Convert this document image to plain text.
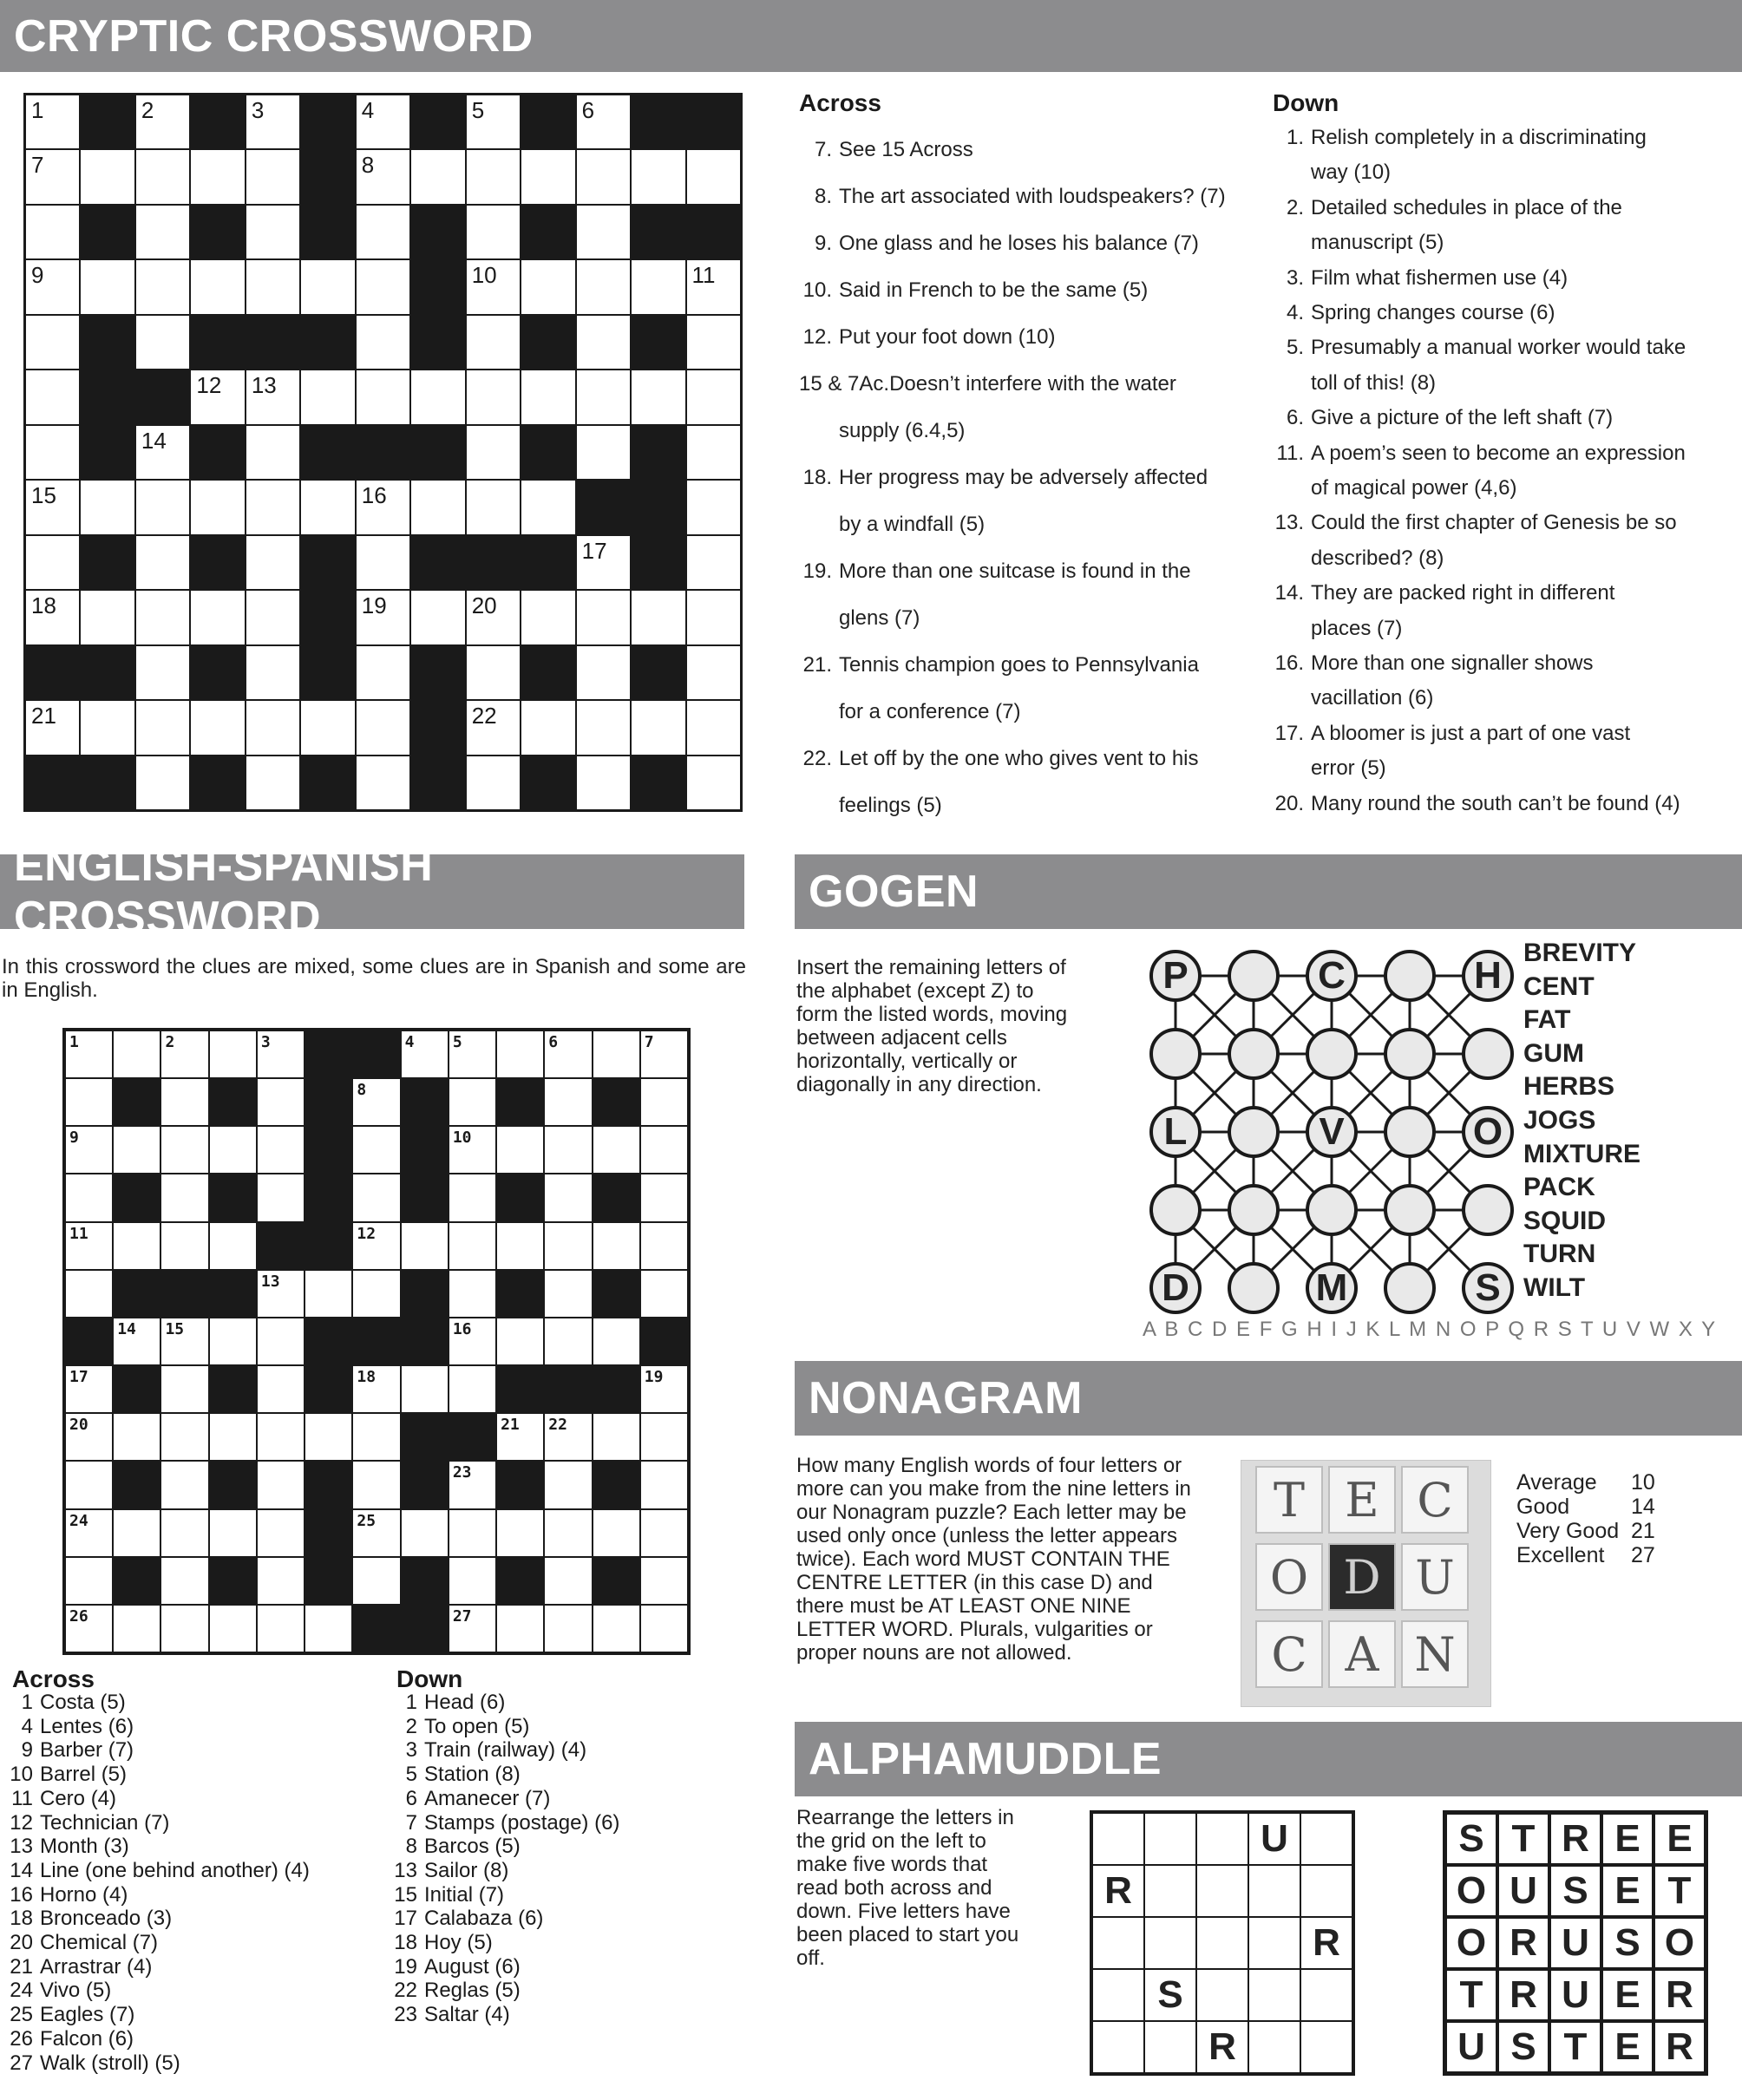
CRYPTIC CROSSWORD
ENGLISH-SPANISH CROSSWORD
GOGEN
NONAGRAM
ALPHAMUDDLE
1	2	3	4	5	6
7	8
9	10	11
12 13
14
15	16
17
18	19	20
21	22
Across	Down
7. See 15 Across
8. The art associated with loudspeakers? (7)
9. One glass and he loses his balance (7)
10. Said in French to be the same (5)
12. Put your foot down (10)
15 & 7Ac.Doesn’t interfere with the water
supply (6.4,5)
18. Her progress may be adversely affected
by a windfall (5)
19. More than one suitcase is found in the
glens (7)
21. Tennis champion goes to Pennsylvania
for a conference (7)
22. Let off by the one who gives vent to his
feelings (5)
1. Relish completely in a discriminating
way (10)
2. Detailed schedules in place of the
manuscript (5)
3. Film what fishermen use (4)
4. Spring changes course (6)
5. Presumably a manual worker would take
toll of this! (8)
6. Give a picture of the left shaft (7)
11. A poem’s seen to become an expression
of magical power (4,6)
13. Could the first chapter of Genesis be so
described? (8)
14. They are packed right in different
places (7)
16. More than one signaller shows
vacillation (6)
17. A bloomer is just a part of one vast
error (5)
20. Many round the south can’t be found (4)
In this crossword the clues are mixed, some clues are in Spanish and some are in English.
1	2	3	4 5	6	7
8
9	10
11	12
13
14 15	16
17	18	19
20	21 22
23
24	25
26	27
Across	Down
1 Costa (5)
4 Lentes (6)
9 Barber (7)
10 Barrel (5)
11 Cero (4)
12 Technician (7)
13 Month (3)
14 Line (one behind another) (4)
16 Horno (4)
18 Bronceado (3)
20 Chemical (7)
21 Arrastrar (4)
24 Vivo (5)
25 Eagles (7)
26 Falcon (6)
27 Walk (stroll) (5)
1 Head (6)
2 To open (5)
3 Train (railway) (4)
5 Station (8)
6 Amanecer (7)
7 Stamps (postage) (6)
8 Barcos (5)
13 Sailor (8)
15 Initial (7)
17 Calabaza (6)
18 Hoy (5)
19 August (6)
22 Reglas (5)
23 Saltar (4)
Insert the remaining letters of the alphabet (except Z) to form the listed words, moving between adjacent cells horizontally, vertically or diagonally in any direction.
P	C	H
L	V	O
D	M	S
BREVITY
CENT
FAT
GUM
HERBS
JOGS
MIXTURE
PACK
SQUID
TURN
WILT
A B C D E F G H I J K L M N O P Q R S T U V W X Y
How many English words of four letters or more can you make from the nine letters in our Nonagram puzzle? Each letter may be used only once (unless the letter appears twice). Each word MUST CONTAIN THE CENTRE LETTER (in this case D) and there must be AT LEAST ONE NINE LETTER WORD. Plurals, vulgarities or proper nouns are not allowed.
T E C
O D U
C A N
Average 10
Good	14
Very Good 21
Excellent 27
Rearrange the letters in the grid on the left to make five words that read both across and down. Five letters have been placed to start you off.
U
R
R
S
R
S T R E E
O U S E T
O R U S O
T R U E R
U S T E R
